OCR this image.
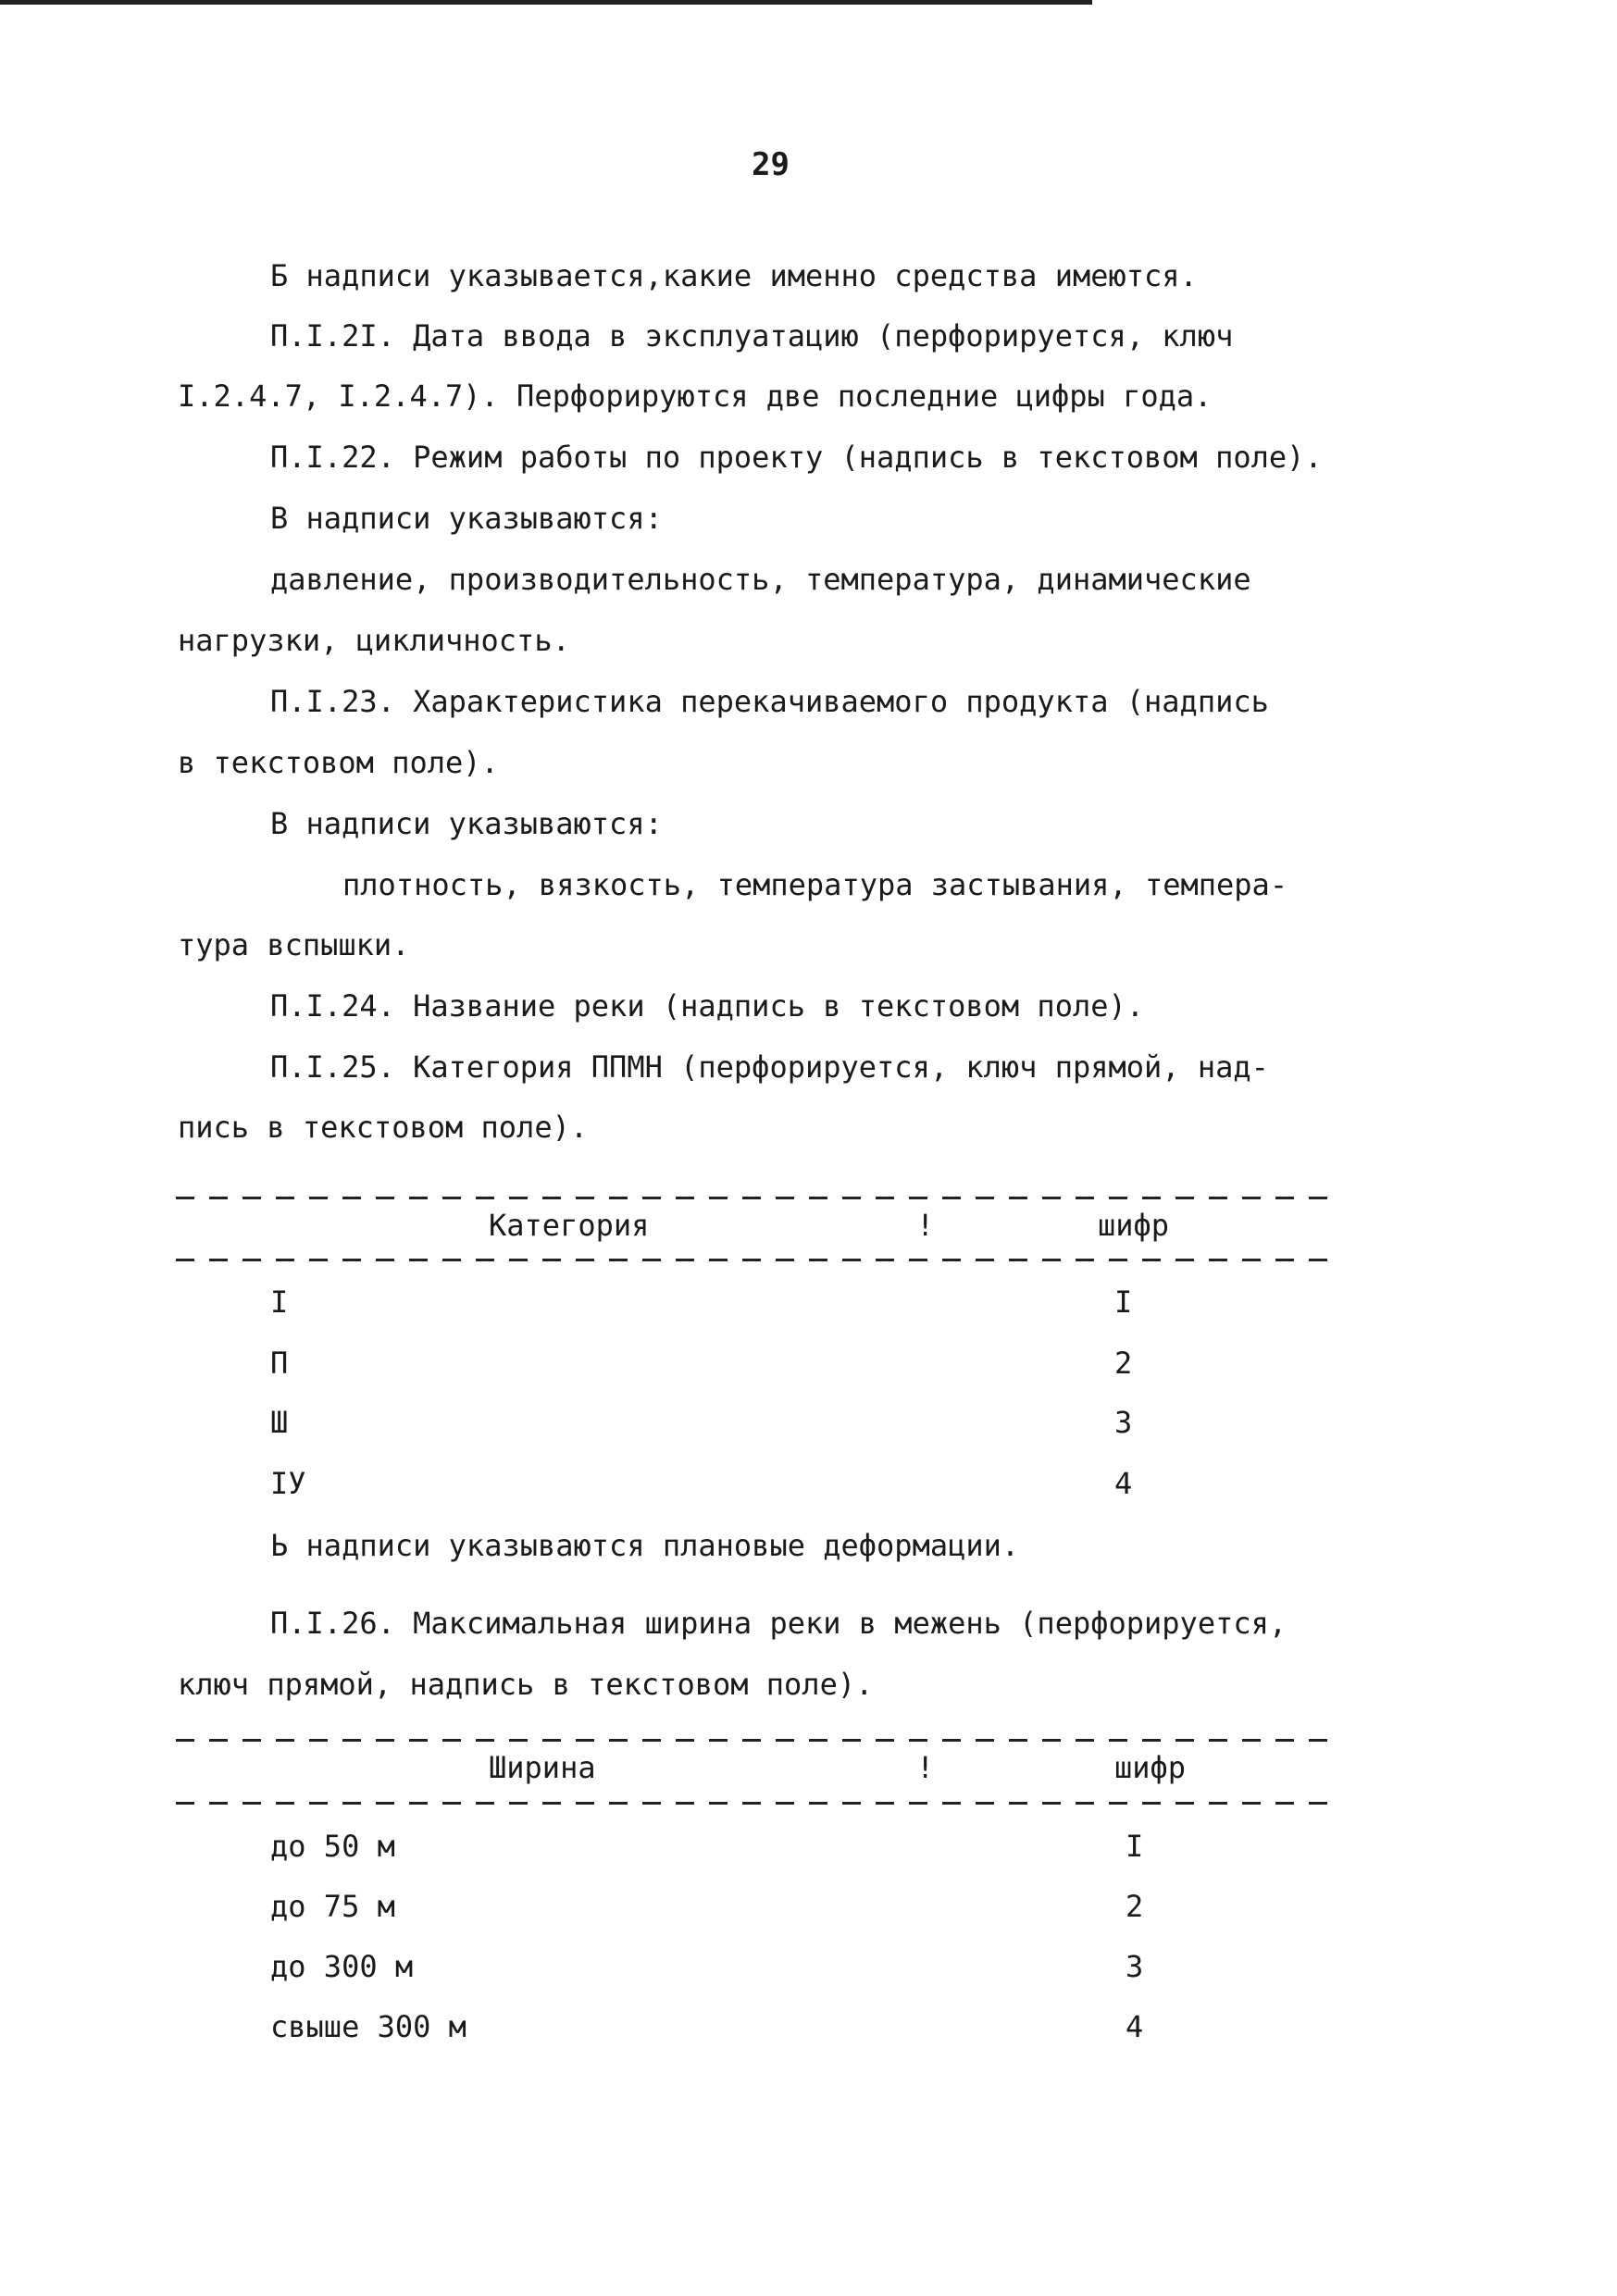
29
Б надписи указывается,какие именно средства имеются.
П.I.2I. Дата ввода в эксплуатацию (перфорируется, ключ
I.2.4.7, I.2.4.7). Перфорируются две последние цифры года.
П.I.22. Режим работы по проекту (надпись в текстовом поле).
В надписи указываются:
давление, производительность, температура, динамические
нагрузки, цикличность.
П.I.23. Характеристика перекачиваемого продукта (надпись
в текстовом поле).
В надписи указываются:
плотность, вязкость, температура застывания, темпера-
тура вспышки.
П.I.24. Название реки (надпись в текстовом поле).
П.I.25. Категория ППМН (перфорируется, ключ прямой, над-
пись в текстовом поле).
Категория	!	шифр
I	I
П	2
Ш	3
IУ	4
Ь надписи указываются плановые деформации.
П.I.26. Максимальная ширина реки в межень (перфорируется,
ключ прямой, надпись в текстовом поле).
Ширина	!	шифр
до 50 м	I
до 75 м	2
до 300 м	3
свыше 300 м	4
